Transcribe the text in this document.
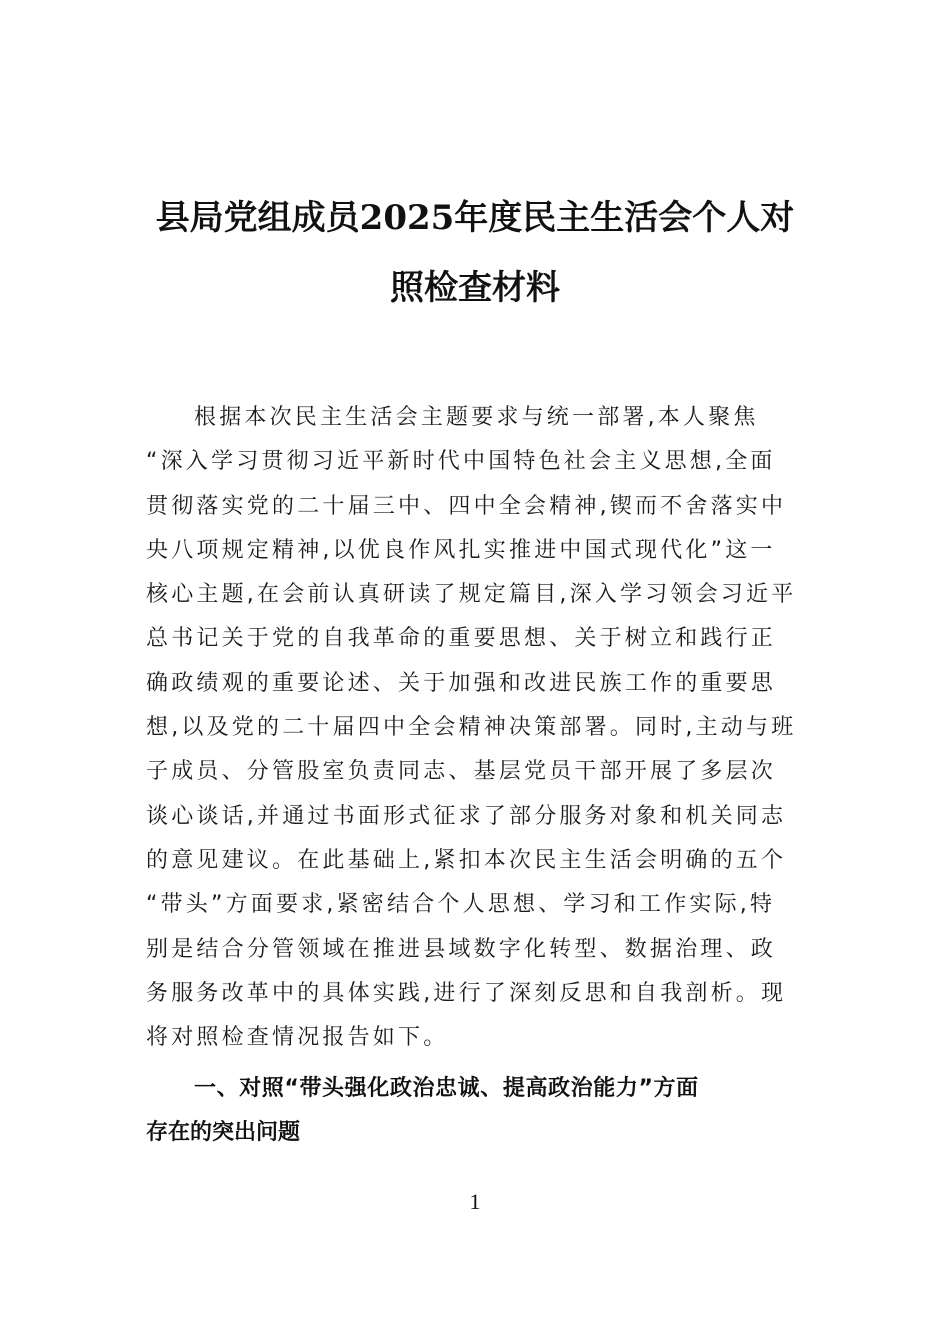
县局党组成员2025年度民主生活会个人对
照检查材料
根据本次民主生活会主题要求与统一部署,本人聚焦
“深入学习贯彻习近平新时代中国特色社会主义思想,全面
贯彻落实党的二十届三中、四中全会精神,锲而不舍落实中
央八项规定精神,以优良作风扎实推进中国式现代化”这一
核心主题,在会前认真研读了规定篇目,深入学习领会习近平
总书记关于党的自我革命的重要思想、关于树立和践行正
确政绩观的重要论述、关于加强和改进民族工作的重要思
想,以及党的二十届四中全会精神决策部署。同时,主动与班
子成员、分管股室负责同志、基层党员干部开展了多层次
谈心谈话,并通过书面形式征求了部分服务对象和机关同志
的意见建议。在此基础上,紧扣本次民主生活会明确的五个
“带头”方面要求,紧密结合个人思想、学习和工作实际,特
别是结合分管领域在推进县域数字化转型、数据治理、政
务服务改革中的具体实践,进行了深刻反思和自我剖析。现
将对照检查情况报告如下。
一、对照“带头强化政治忠诚、提高政治能力”方面
存在的突出问题
1
